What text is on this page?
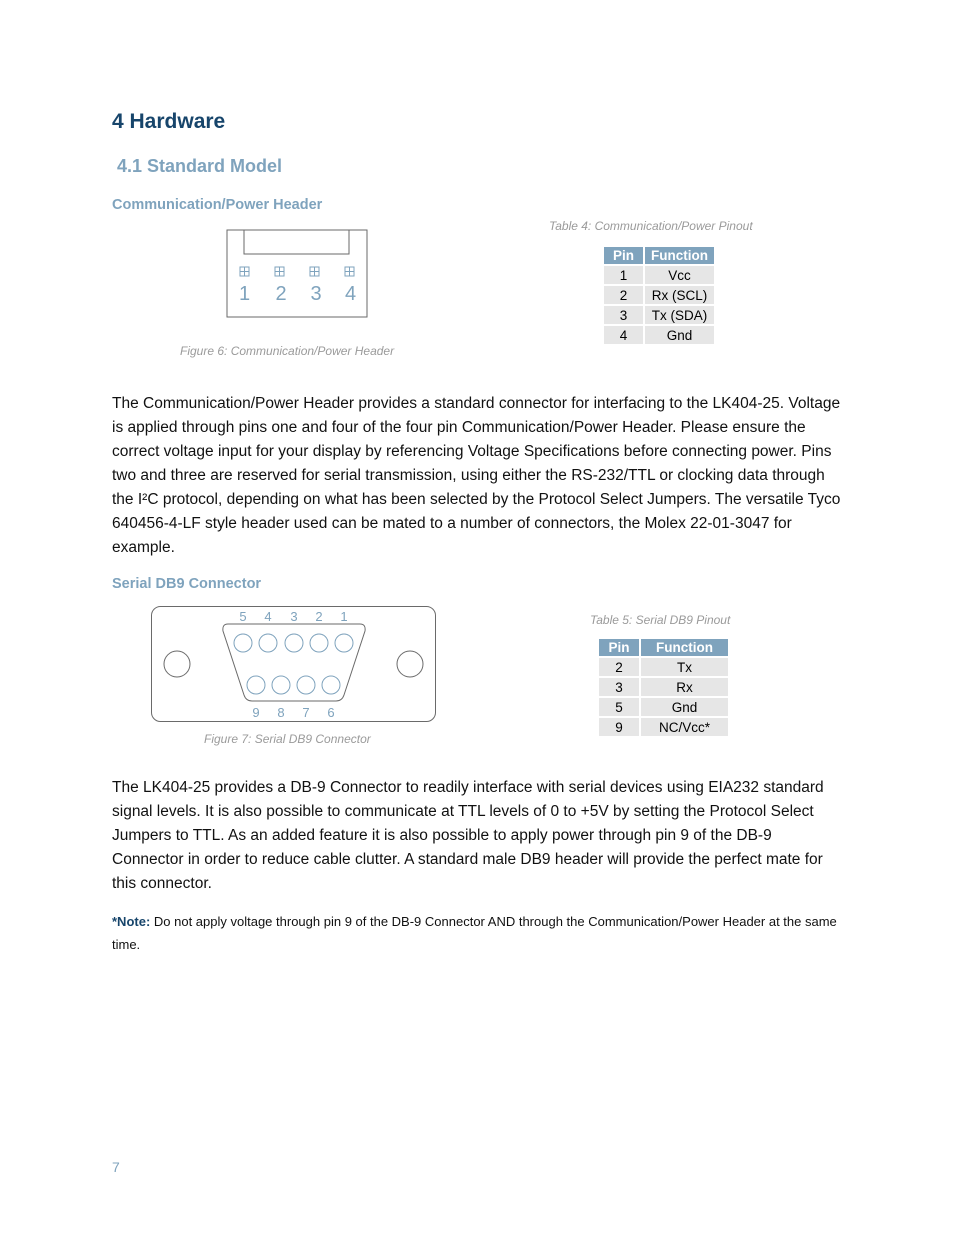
4 Hardware
4.1 Standard Model
Communication/Power Header
1 2 3 4
Figure 6: Communication/Power Header
Table 4: Communication/Power Pinout
Pin	Function
1	Vcc
2	Rx (SCL)
3	Tx (SDA)
4	Gnd

The Communication/Power Header provides a standard connector for interfacing to the LK404-25. Voltage is applied through pins one and four of the four pin Communication/Power Header. Please ensure the correct voltage input for your display by referencing Voltage Specifications before connecting power. Pins two and three are reserved for serial transmission, using either the RS-232/TTL or clocking data through the I²C protocol, depending on what has been selected by the Protocol Select Jumpers. The versatile Tyco 640456-4-LF style header used can be mated to a number of connectors, the Molex 22-01-3047 for example.

Serial DB9 Connector
5 4 3 2 1
9 8 7 6
Figure 7: Serial DB9 Connector
Table 5: Serial DB9 Pinout
Pin	Function
2	Tx
3	Rx
5	Gnd
9	NC/Vcc*

The LK404-25 provides a DB-9 Connector to readily interface with serial devices using EIA232 standard signal levels. It is also possible to communicate at TTL levels of 0 to +5V by setting the Protocol Select Jumpers to TTL. As an added feature it is also possible to apply power through pin 9 of the DB-9 Connector in order to reduce cable clutter. A standard male DB9 header will provide the perfect mate for this connector.

*Note: Do not apply voltage through pin 9 of the DB-9 Connector AND through the Communication/Power Header at the same time.
7
